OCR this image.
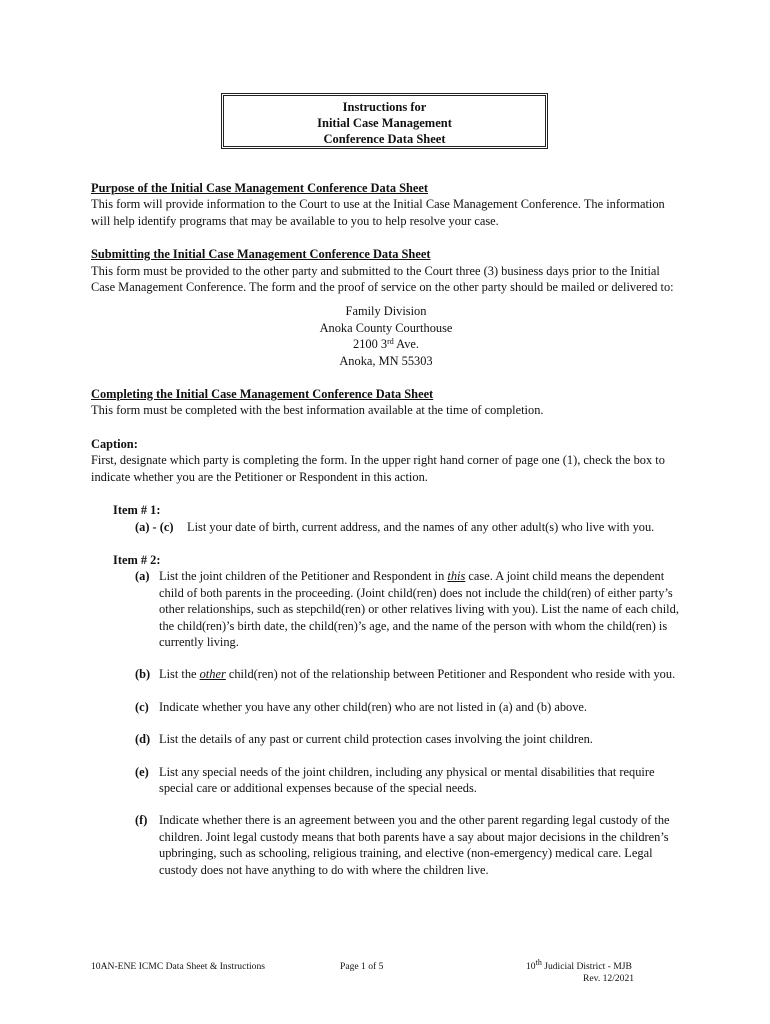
Instructions for
Initial Case Management
Conference Data Sheet

Purpose of the Initial Case Management Conference Data Sheet

This form will provide information to the Court to use at the Initial Case Management Conference. The information will help identify programs that may be available to you to help resolve your case.

Submitting the Initial Case Management Conference Data Sheet

This form must be provided to the other party and submitted to the Court three (3) business days prior to the Initial Case Management Conference. The form and the proof of service on the other party should be mailed or delivered to:

Family Division

Anoka County Courthouse

2100 3rd Ave.

Anoka, MN 55303

Completing the Initial Case Management Conference Data Sheet

This form must be completed with the best information available at the time of completion.

Caption:

First, designate which party is completing the form. In the upper right hand corner of page one (1), check the box to indicate whether you are the Petitioner or Respondent in this action.

Item # 1:

(a) - (c)	List your date of birth, current address, and the names of any other adult(s) who live with you.

Item # 2:

(a) List the joint children of the Petitioner and Respondent in this case. A joint child means the dependent child of both parents in the proceeding. (Joint child(ren) does not include the child(ren) of either party’s other relationships, such as stepchild(ren) or other relatives living with you). List the name of each child, the child(ren)’s birth date, the child(ren)’s age, and the name of the person with whom the child(ren) is currently living.

(b) List the other child(ren) not of the relationship between Petitioner and Respondent who reside with you.

(c) Indicate whether you have any other child(ren) who are not listed in (a) and (b) above.

(d) List the details of any past or current child protection cases involving the joint children.

(e) List any special needs of the joint children, including any physical or mental disabilities that require special care or additional expenses because of the special needs.

(f) Indicate whether there is an agreement between you and the other parent regarding legal custody of the children. Joint legal custody means that both parents have a say about major decisions in the children’s upbringing, such as schooling, religious training, and elective (non-emergency) medical care. Legal custody does not have anything to do with where the children live.

10AN-ENE ICMC Data Sheet & Instructions	Page 1 of 5	10th Judicial District - MJB
Rev. 12/2021
